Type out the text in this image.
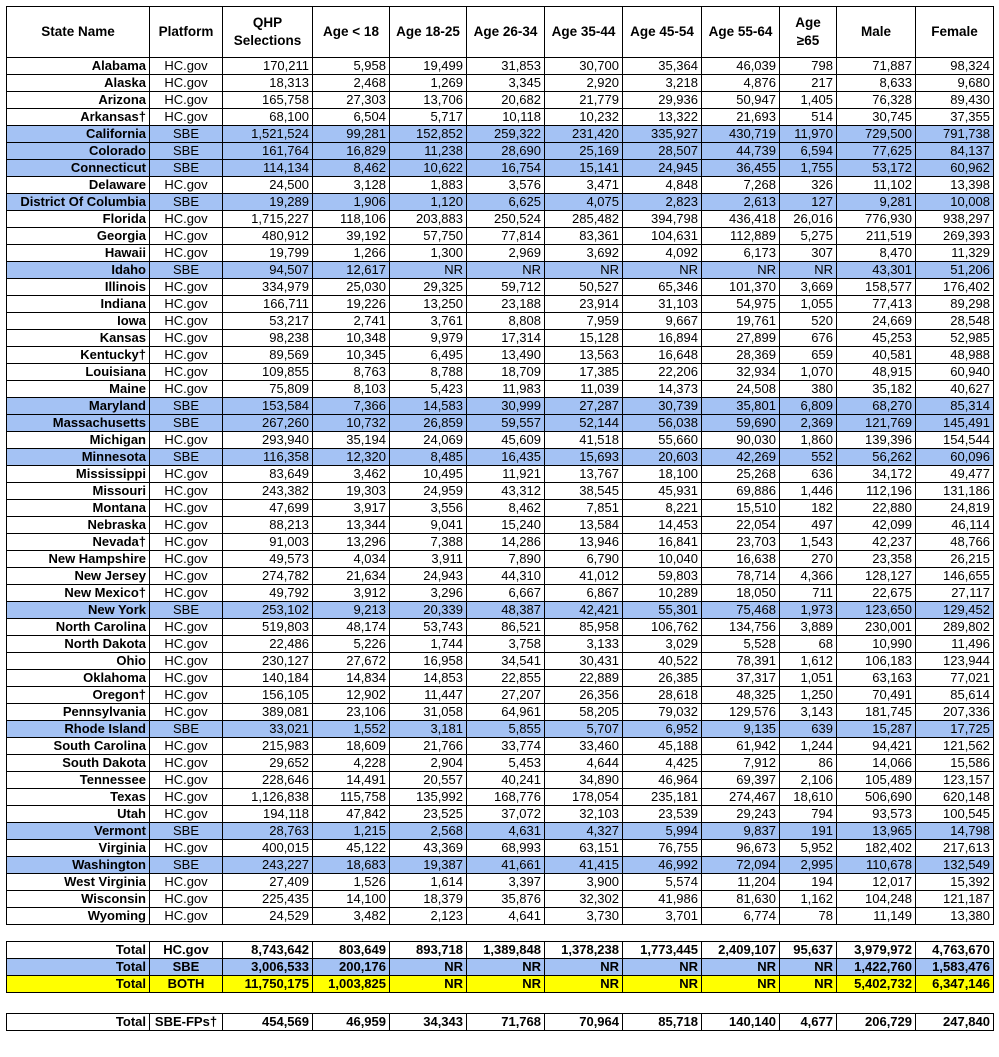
State Name	Platform	QHP Selections	Age < 18	Age 18-25	Age 26-34	Age 35-44	Age 45-54	Age 55-64	Age ≥65	Male	Female
Alabama	HC.gov	170,211	5,958	19,499	31,853	30,700	35,364	46,039	798	71,887	98,324
Alaska	HC.gov	18,313	2,468	1,269	3,345	2,920	3,218	4,876	217	8,633	9,680
Arizona	HC.gov	165,758	27,303	13,706	20,682	21,779	29,936	50,947	1,405	76,328	89,430
Arkansas†	HC.gov	68,100	6,504	5,717	10,118	10,232	13,322	21,693	514	30,745	37,355
California	SBE	1,521,524	99,281	152,852	259,322	231,420	335,927	430,719	11,970	729,500	791,738
Colorado	SBE	161,764	16,829	11,238	28,690	25,169	28,507	44,739	6,594	77,625	84,137
Connecticut	SBE	114,134	8,462	10,622	16,754	15,141	24,945	36,455	1,755	53,172	60,962
Delaware	HC.gov	24,500	3,128	1,883	3,576	3,471	4,848	7,268	326	11,102	13,398
District Of Columbia	SBE	19,289	1,906	1,120	6,625	4,075	2,823	2,613	127	9,281	10,008
Florida	HC.gov	1,715,227	118,106	203,883	250,524	285,482	394,798	436,418	26,016	776,930	938,297
Georgia	HC.gov	480,912	39,192	57,750	77,814	83,361	104,631	112,889	5,275	211,519	269,393
Hawaii	HC.gov	19,799	1,266	1,300	2,969	3,692	4,092	6,173	307	8,470	11,329
Idaho	SBE	94,507	12,617	NR	NR	NR	NR	NR	NR	43,301	51,206
Illinois	HC.gov	334,979	25,030	29,325	59,712	50,527	65,346	101,370	3,669	158,577	176,402
Indiana	HC.gov	166,711	19,226	13,250	23,188	23,914	31,103	54,975	1,055	77,413	89,298
Iowa	HC.gov	53,217	2,741	3,761	8,808	7,959	9,667	19,761	520	24,669	28,548
Kansas	HC.gov	98,238	10,348	9,979	17,314	15,128	16,894	27,899	676	45,253	52,985
Kentucky†	HC.gov	89,569	10,345	6,495	13,490	13,563	16,648	28,369	659	40,581	48,988
Louisiana	HC.gov	109,855	8,763	8,788	18,709	17,385	22,206	32,934	1,070	48,915	60,940
Maine	HC.gov	75,809	8,103	5,423	11,983	11,039	14,373	24,508	380	35,182	40,627
Maryland	SBE	153,584	7,366	14,583	30,999	27,287	30,739	35,801	6,809	68,270	85,314
Massachusetts	SBE	267,260	10,732	26,859	59,557	52,144	56,038	59,690	2,369	121,769	145,491
Michigan	HC.gov	293,940	35,194	24,069	45,609	41,518	55,660	90,030	1,860	139,396	154,544
Minnesota	SBE	116,358	12,320	8,485	16,435	15,693	20,603	42,269	552	56,262	60,096
Mississippi	HC.gov	83,649	3,462	10,495	11,921	13,767	18,100	25,268	636	34,172	49,477
Missouri	HC.gov	243,382	19,303	24,959	43,312	38,545	45,931	69,886	1,446	112,196	131,186
Montana	HC.gov	47,699	3,917	3,556	8,462	7,851	8,221	15,510	182	22,880	24,819
Nebraska	HC.gov	88,213	13,344	9,041	15,240	13,584	14,453	22,054	497	42,099	46,114
Nevada†	HC.gov	91,003	13,296	7,388	14,286	13,946	16,841	23,703	1,543	42,237	48,766
New Hampshire	HC.gov	49,573	4,034	3,911	7,890	6,790	10,040	16,638	270	23,358	26,215
New Jersey	HC.gov	274,782	21,634	24,943	44,310	41,012	59,803	78,714	4,366	128,127	146,655
New Mexico†	HC.gov	49,792	3,912	3,296	6,667	6,867	10,289	18,050	711	22,675	27,117
New York	SBE	253,102	9,213	20,339	48,387	42,421	55,301	75,468	1,973	123,650	129,452
North Carolina	HC.gov	519,803	48,174	53,743	86,521	85,958	106,762	134,756	3,889	230,001	289,802
North Dakota	HC.gov	22,486	5,226	1,744	3,758	3,133	3,029	5,528	68	10,990	11,496
Ohio	HC.gov	230,127	27,672	16,958	34,541	30,431	40,522	78,391	1,612	106,183	123,944
Oklahoma	HC.gov	140,184	14,834	14,853	22,855	22,889	26,385	37,317	1,051	63,163	77,021
Oregon†	HC.gov	156,105	12,902	11,447	27,207	26,356	28,618	48,325	1,250	70,491	85,614
Pennsylvania	HC.gov	389,081	23,106	31,058	64,961	58,205	79,032	129,576	3,143	181,745	207,336
Rhode Island	SBE	33,021	1,552	3,181	5,855	5,707	6,952	9,135	639	15,287	17,725
South Carolina	HC.gov	215,983	18,609	21,766	33,774	33,460	45,188	61,942	1,244	94,421	121,562
South Dakota	HC.gov	29,652	4,228	2,904	5,453	4,644	4,425	7,912	86	14,066	15,586
Tennessee	HC.gov	228,646	14,491	20,557	40,241	34,890	46,964	69,397	2,106	105,489	123,157
Texas	HC.gov	1,126,838	115,758	135,992	168,776	178,054	235,181	274,467	18,610	506,690	620,148
Utah	HC.gov	194,118	47,842	23,525	37,072	32,103	23,539	29,243	794	93,573	100,545
Vermont	SBE	28,763	1,215	2,568	4,631	4,327	5,994	9,837	191	13,965	14,798
Virginia	HC.gov	400,015	45,122	43,369	68,993	63,151	76,755	96,673	5,952	182,402	217,613
Washington	SBE	243,227	18,683	19,387	41,661	41,415	46,992	72,094	2,995	110,678	132,549
West Virginia	HC.gov	27,409	1,526	1,614	3,397	3,900	5,574	11,204	194	12,017	15,392
Wisconsin	HC.gov	225,435	14,100	18,379	35,876	32,302	41,986	81,630	1,162	104,248	121,187
Wyoming	HC.gov	24,529	3,482	2,123	4,641	3,730	3,701	6,774	78	11,149	13,380

Total	HC.gov	8,743,642	803,649	893,718	1,389,848	1,378,238	1,773,445	2,409,107	95,637	3,979,972	4,763,670
Total	SBE	3,006,533	200,176	NR	NR	NR	NR	NR	NR	1,422,760	1,583,476
Total	BOTH	11,750,175	1,003,825	NR	NR	NR	NR	NR	NR	5,402,732	6,347,146

Total	SBE-FPs†	454,569	46,959	34,343	71,768	70,964	85,718	140,140	4,677	206,729	247,840
